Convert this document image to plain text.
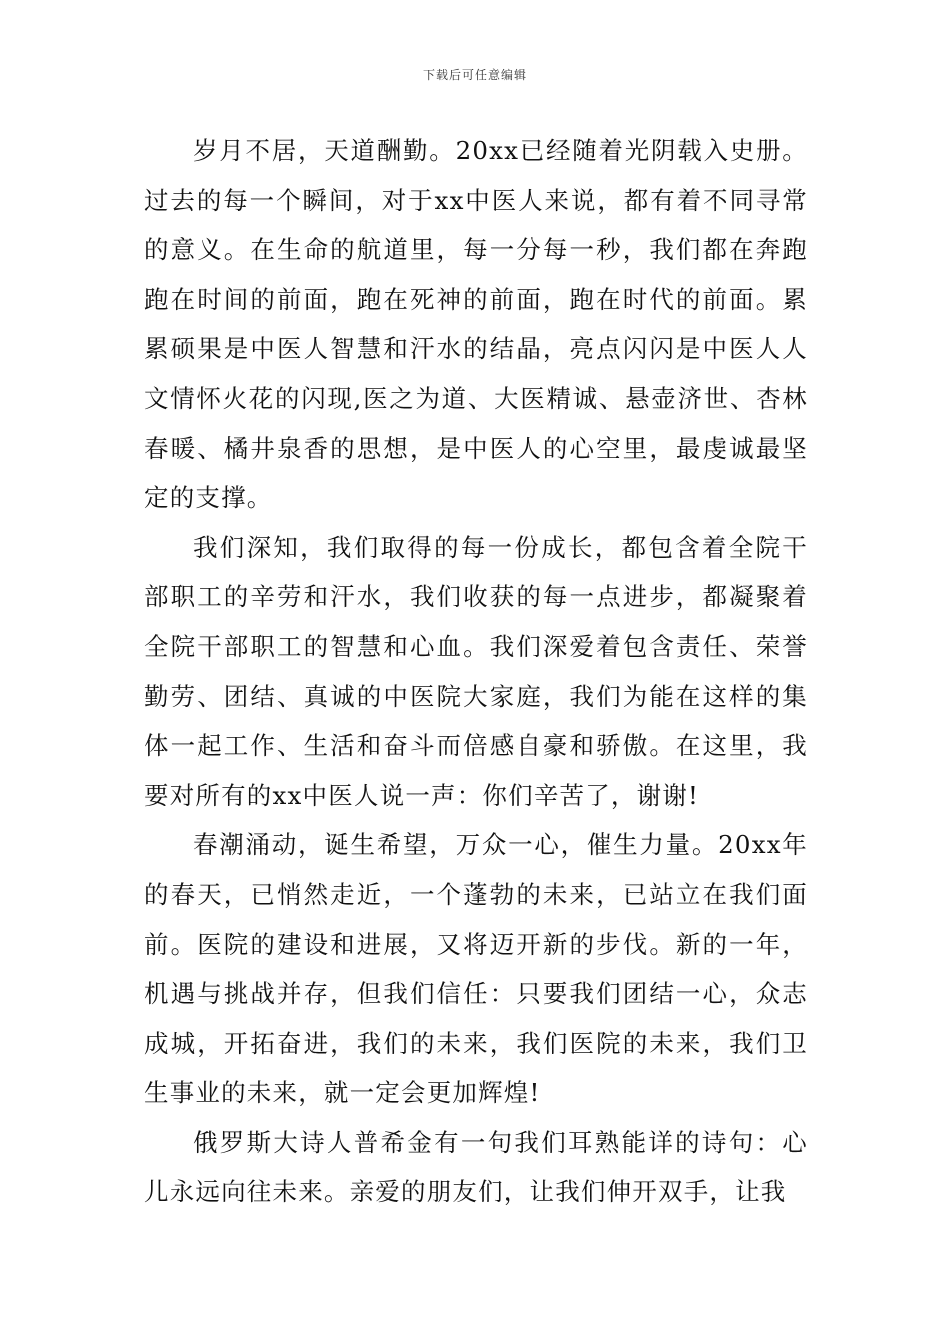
下载后可任意编辑

岁月不居，天道酬勤。20xx已经随着光阴载入史册。过去的每一个瞬间，对于xx中医人来说，都有着不同寻常的意义。在生命的航道里，每一分每一秒，我们都在奔跑跑在时间的前面，跑在死神的前面，跑在时代的前面。累累硕果是中医人智慧和汗水的结晶，亮点闪闪是中医人人文情怀火花的闪现,医之为道、大医精诚、悬壶济世、杏林春暖、橘井泉香的思想，是中医人的心空里，最虔诚最坚定的支撑。

我们深知，我们取得的每一份成长，都包含着全院干部职工的辛劳和汗水，我们收获的每一点进步，都凝聚着全院干部职工的智慧和心血。我们深爱着包含责任、荣誉勤劳、团结、真诚的中医院大家庭，我们为能在这样的集体一起工作、生活和奋斗而倍感自豪和骄傲。在这里，我要对所有的xx中医人说一声：你们辛苦了，谢谢!

春潮涌动，诞生希望，万众一心，催生力量。20xx年的春天，已悄然走近，一个蓬勃的未来，已站立在我们面前。医院的建设和进展，又将迈开新的步伐。新的一年，机遇与挑战并存，但我们信任：只要我们团结一心，众志成城，开拓奋进，我们的未来，我们医院的未来，我们卫生事业的未来，就一定会更加辉煌!

俄罗斯大诗人普希金有一句我们耳熟能详的诗句：心儿永远向往未来。亲爱的朋友们，让我们伸开双手，让我
